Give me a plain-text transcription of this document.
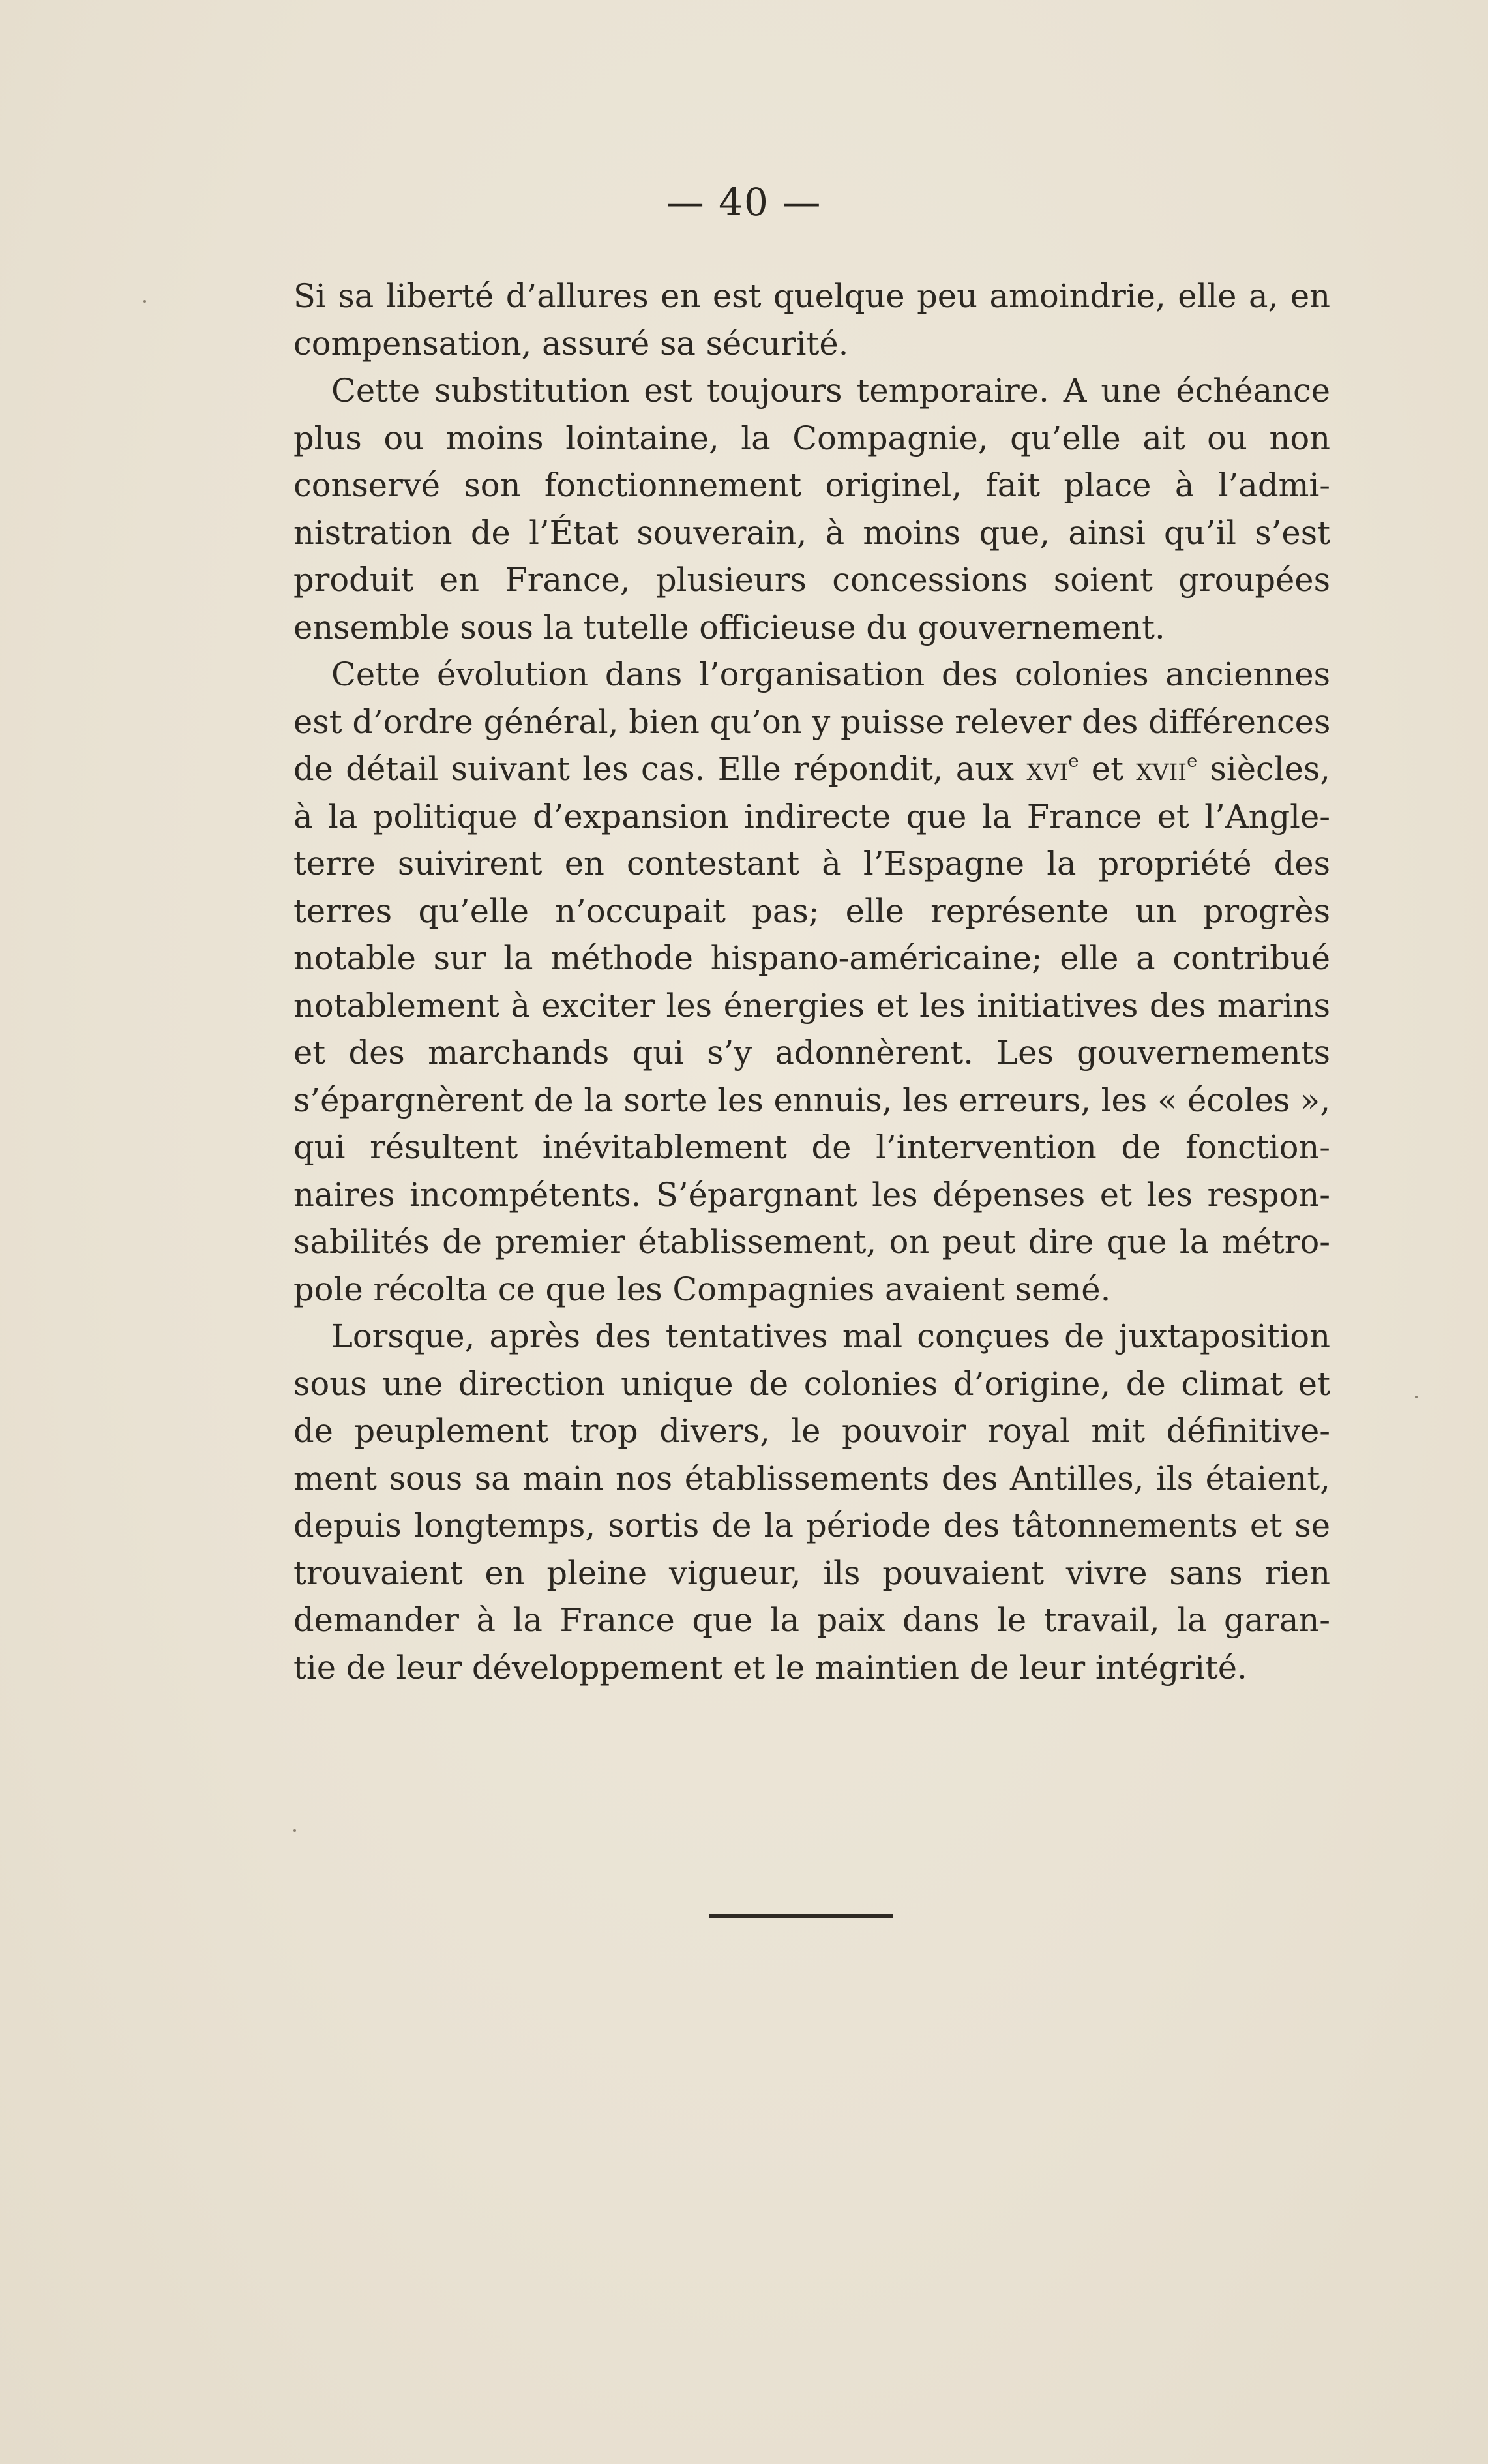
— 40 —
Si sa liberté d’allures en est quelque peu amoindrie, elle a, en
compensation, assuré sa sécurité.
Cette substitution est toujours temporaire. A une échéance
plus ou moins lointaine, la Compagnie, qu’elle ait ou non
conservé son fonctionnement originel, fait place à l’admi-
nistration de l’État souverain, à moins que, ainsi qu’il s’est
produit en France, plusieurs concessions soient groupées
ensemble sous la tutelle officieuse du gouvernement.
Cette évolution dans l’organisation des colonies anciennes
est d’ordre général, bien qu’on y puisse relever des différences
de détail suivant les cas. Elle répondit, aux xvi$^e$ et xvii$^e$ siècles,
à la politique d’expansion indirecte que la France et l’Angle-
terre suivirent en contestant à l’Espagne la propriété des
terres qu’elle n’occupait pas; elle représente un progrès
notable sur la méthode hispano-américaine; elle a contribué
notablement à exciter les énergies et les initiatives des marins
et des marchands qui s’y adonnèrent. Les gouvernements
s’épargnèrent de la sorte les ennuis, les erreurs, les « écoles »,
qui résultent inévitablement de l’intervention de fonction-
naires incompétents. S’épargnant les dépenses et les respon-
sabilités de premier établissement, on peut dire que la métro-
pole récolta ce que les Compagnies avaient semé.
Lorsque, après des tentatives mal conçues de juxtaposition
sous une direction unique de colonies d’origine, de climat et
de peuplement trop divers, le pouvoir royal mit définitive-
ment sous sa main nos établissements des Antilles, ils étaient,
depuis longtemps, sortis de la période des tâtonnements et se
trouvaient en pleine vigueur, ils pouvaient vivre sans rien
demander à la France que la paix dans le travail, la garan-
tie de leur développement et le maintien de leur intégrité.
